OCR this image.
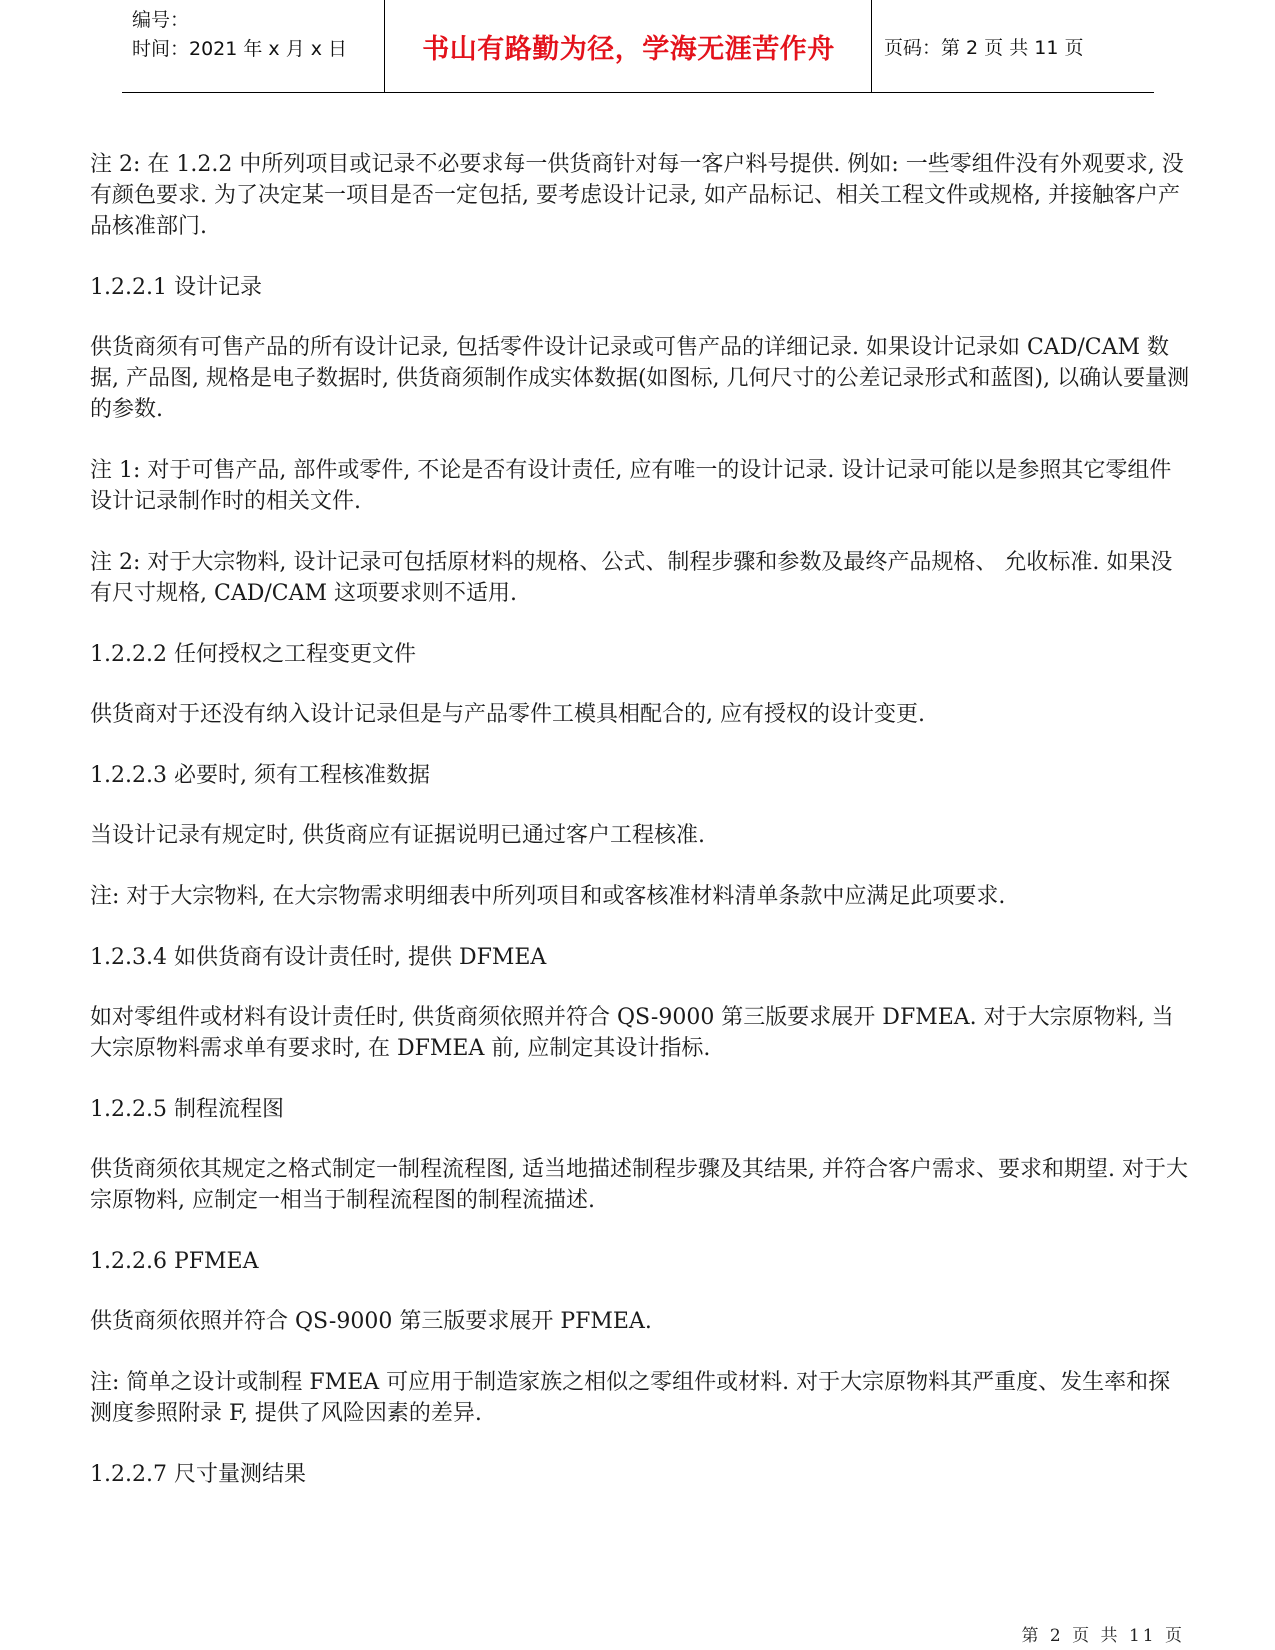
编号：
时间：2021 年 x 月 x 日	书山有路勤为径，学海无涯苦作舟	页码：第 2 页 共 11 页
注 2: 在 1.2.2 中所列项目或记录不必要求每一供货商针对每一客户料号提供. 例如: 一些零组件没有外观要求, 没有颜色要求. 为了决定某一项目是否一定包括, 要考虑设计记录, 如产品标记、相关工程文件或规格, 并接触客户产品核准部门.
1.2.2.1 设计记录
供货商须有可售产品的所有设计记录, 包括零件设计记录或可售产品的详细记录. 如果设计记录如 CAD/CAM 数据, 产品图, 规格是电子数据时, 供货商须制作成实体数据(如图标, 几何尺寸的公差记录形式和蓝图), 以确认要量测的参数.
注 1: 对于可售产品, 部件或零件, 不论是否有设计责任, 应有唯一的设计记录. 设计记录可能以是参照其它零组件设计记录制作时的相关文件.
注 2: 对于大宗物料, 设计记录可包括原材料的规格、公式、制程步骤和参数及最终产品规格、 允收标准. 如果没有尺寸规格, CAD/CAM 这项要求则不适用.
1.2.2.2 任何授权之工程变更文件
供货商对于还没有纳入设计记录但是与产品零件工模具相配合的, 应有授权的设计变更.
1.2.2.3 必要时, 须有工程核准数据
当设计记录有规定时, 供货商应有证据说明已通过客户工程核准.
注: 对于大宗物料, 在大宗物需求明细表中所列项目和或客核准材料清单条款中应满足此项要求.
1.2.3.4 如供货商有设计责任时, 提供 DFMEA
如对零组件或材料有设计责任时, 供货商须依照并符合 QS-9000 第三版要求展开 DFMEA. 对于大宗原物料, 当大宗原物料需求单有要求时, 在 DFMEA 前, 应制定其设计指标.
1.2.2.5 制程流程图
供货商须依其规定之格式制定一制程流程图, 适当地描述制程步骤及其结果, 并符合客户需求、要求和期望. 对于大宗原物料, 应制定一相当于制程流程图的制程流描述.
1.2.2.6 PFMEA
供货商须依照并符合 QS-9000 第三版要求展开 PFMEA.
注: 简单之设计或制程 FMEA 可应用于制造家族之相似之零组件或材料. 对于大宗原物料其严重度、发生率和探测度参照附录 F, 提供了风险因素的差异.
1.2.2.7 尺寸量测结果
第 2 页 共 11 页
